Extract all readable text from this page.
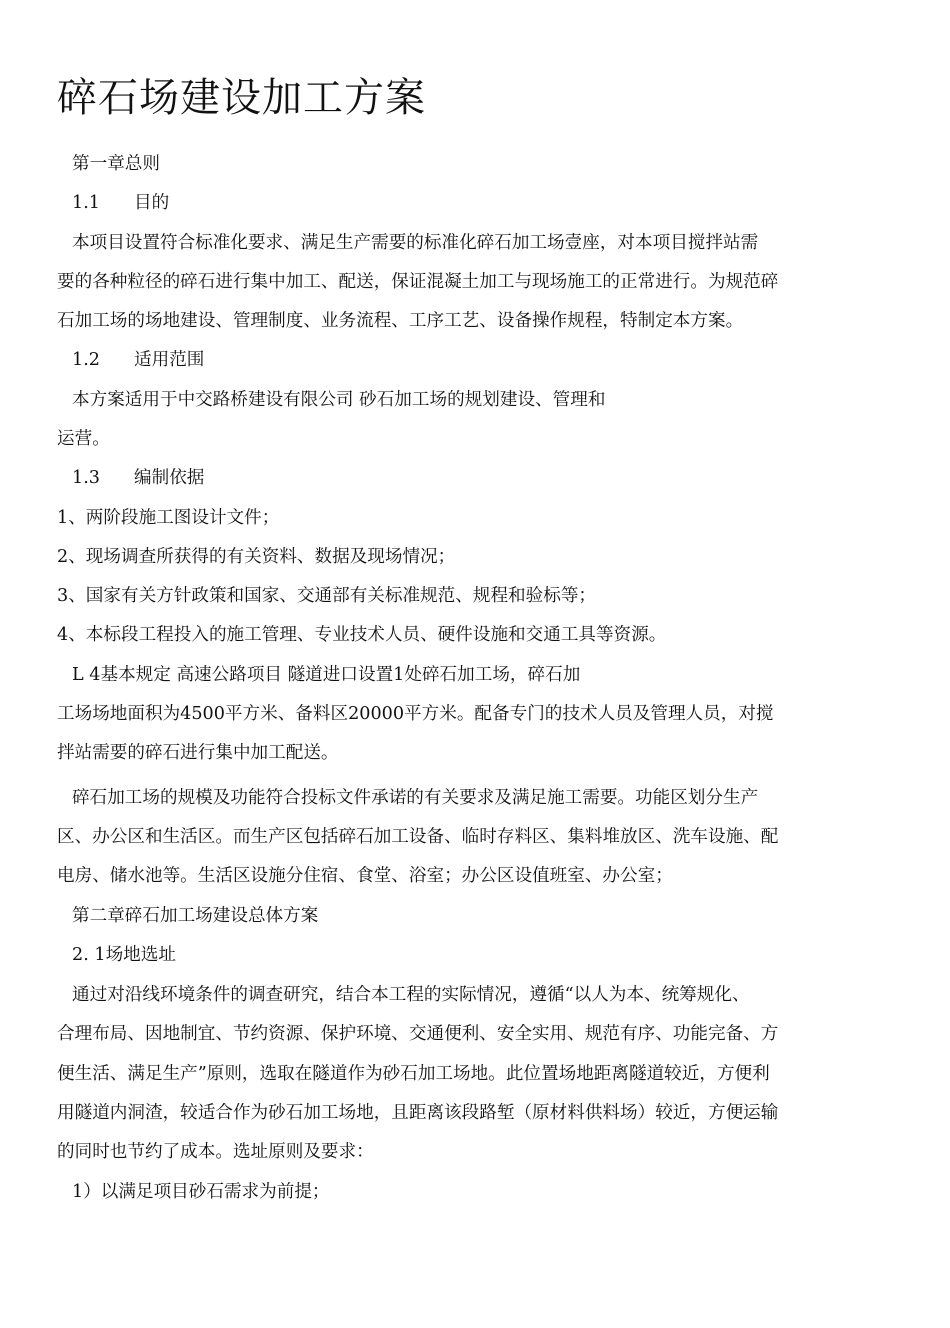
碎石场建设加工方案
第一章总则
1.1 目的
本项目设置符合标准化要求、满足生产需要的标准化碎石加工场壹座，对本项目搅拌站需
要的各种粒径的碎石进行集中加工、配送，保证混凝土加工与现场施工的正常进行。为规范碎
石加工场的场地建设、管理制度、业务流程、工序工艺、设备操作规程，特制定本方案。
1.2 适用范围
本方案适用于中交路桥建设有限公司 砂石加工场的规划建设、管理和
运营。
1.3 编制依据
1、两阶段施工图设计文件；
2、现场调查所获得的有关资料、数据及现场情况；
3、国家有关方针政策和国家、交通部有关标准规范、规程和验标等；
4、本标段工程投入的施工管理、专业技术人员、硬件设施和交通工具等资源。
L 4基本规定 高速公路项目 隧道进口设置1处碎石加工场，碎石加
工场场地面积为4500平方米、备料区20000平方米。配备专门的技术人员及管理人员，对搅
拌站需要的碎石进行集中加工配送。
碎石加工场的规模及功能符合投标文件承诺的有关要求及满足施工需要。功能区划分生产
区、办公区和生活区。而生产区包括碎石加工设备、临时存料区、集料堆放区、洗车设施、配
电房、储水池等。生活区设施分住宿、食堂、浴室；办公区设值班室、办公室；
第二章碎石加工场建设总体方案
2. 1场地选址
通过对沿线环境条件的调查研究，结合本工程的实际情况，遵循“以人为本、统筹规化、
合理布局、因地制宜、节约资源、保护环境、交通便利、安全实用、规范有序、功能完备、方
便生活、满足生产”原则，选取在隧道作为砂石加工场地。此位置场地距离隧道较近，方便利
用隧道内洞渣，较适合作为砂石加工场地，且距离该段路堑（原材料供料场）较近，方便运输
的同时也节约了成本。选址原则及要求：
1）以满足项目砂石需求为前提；
